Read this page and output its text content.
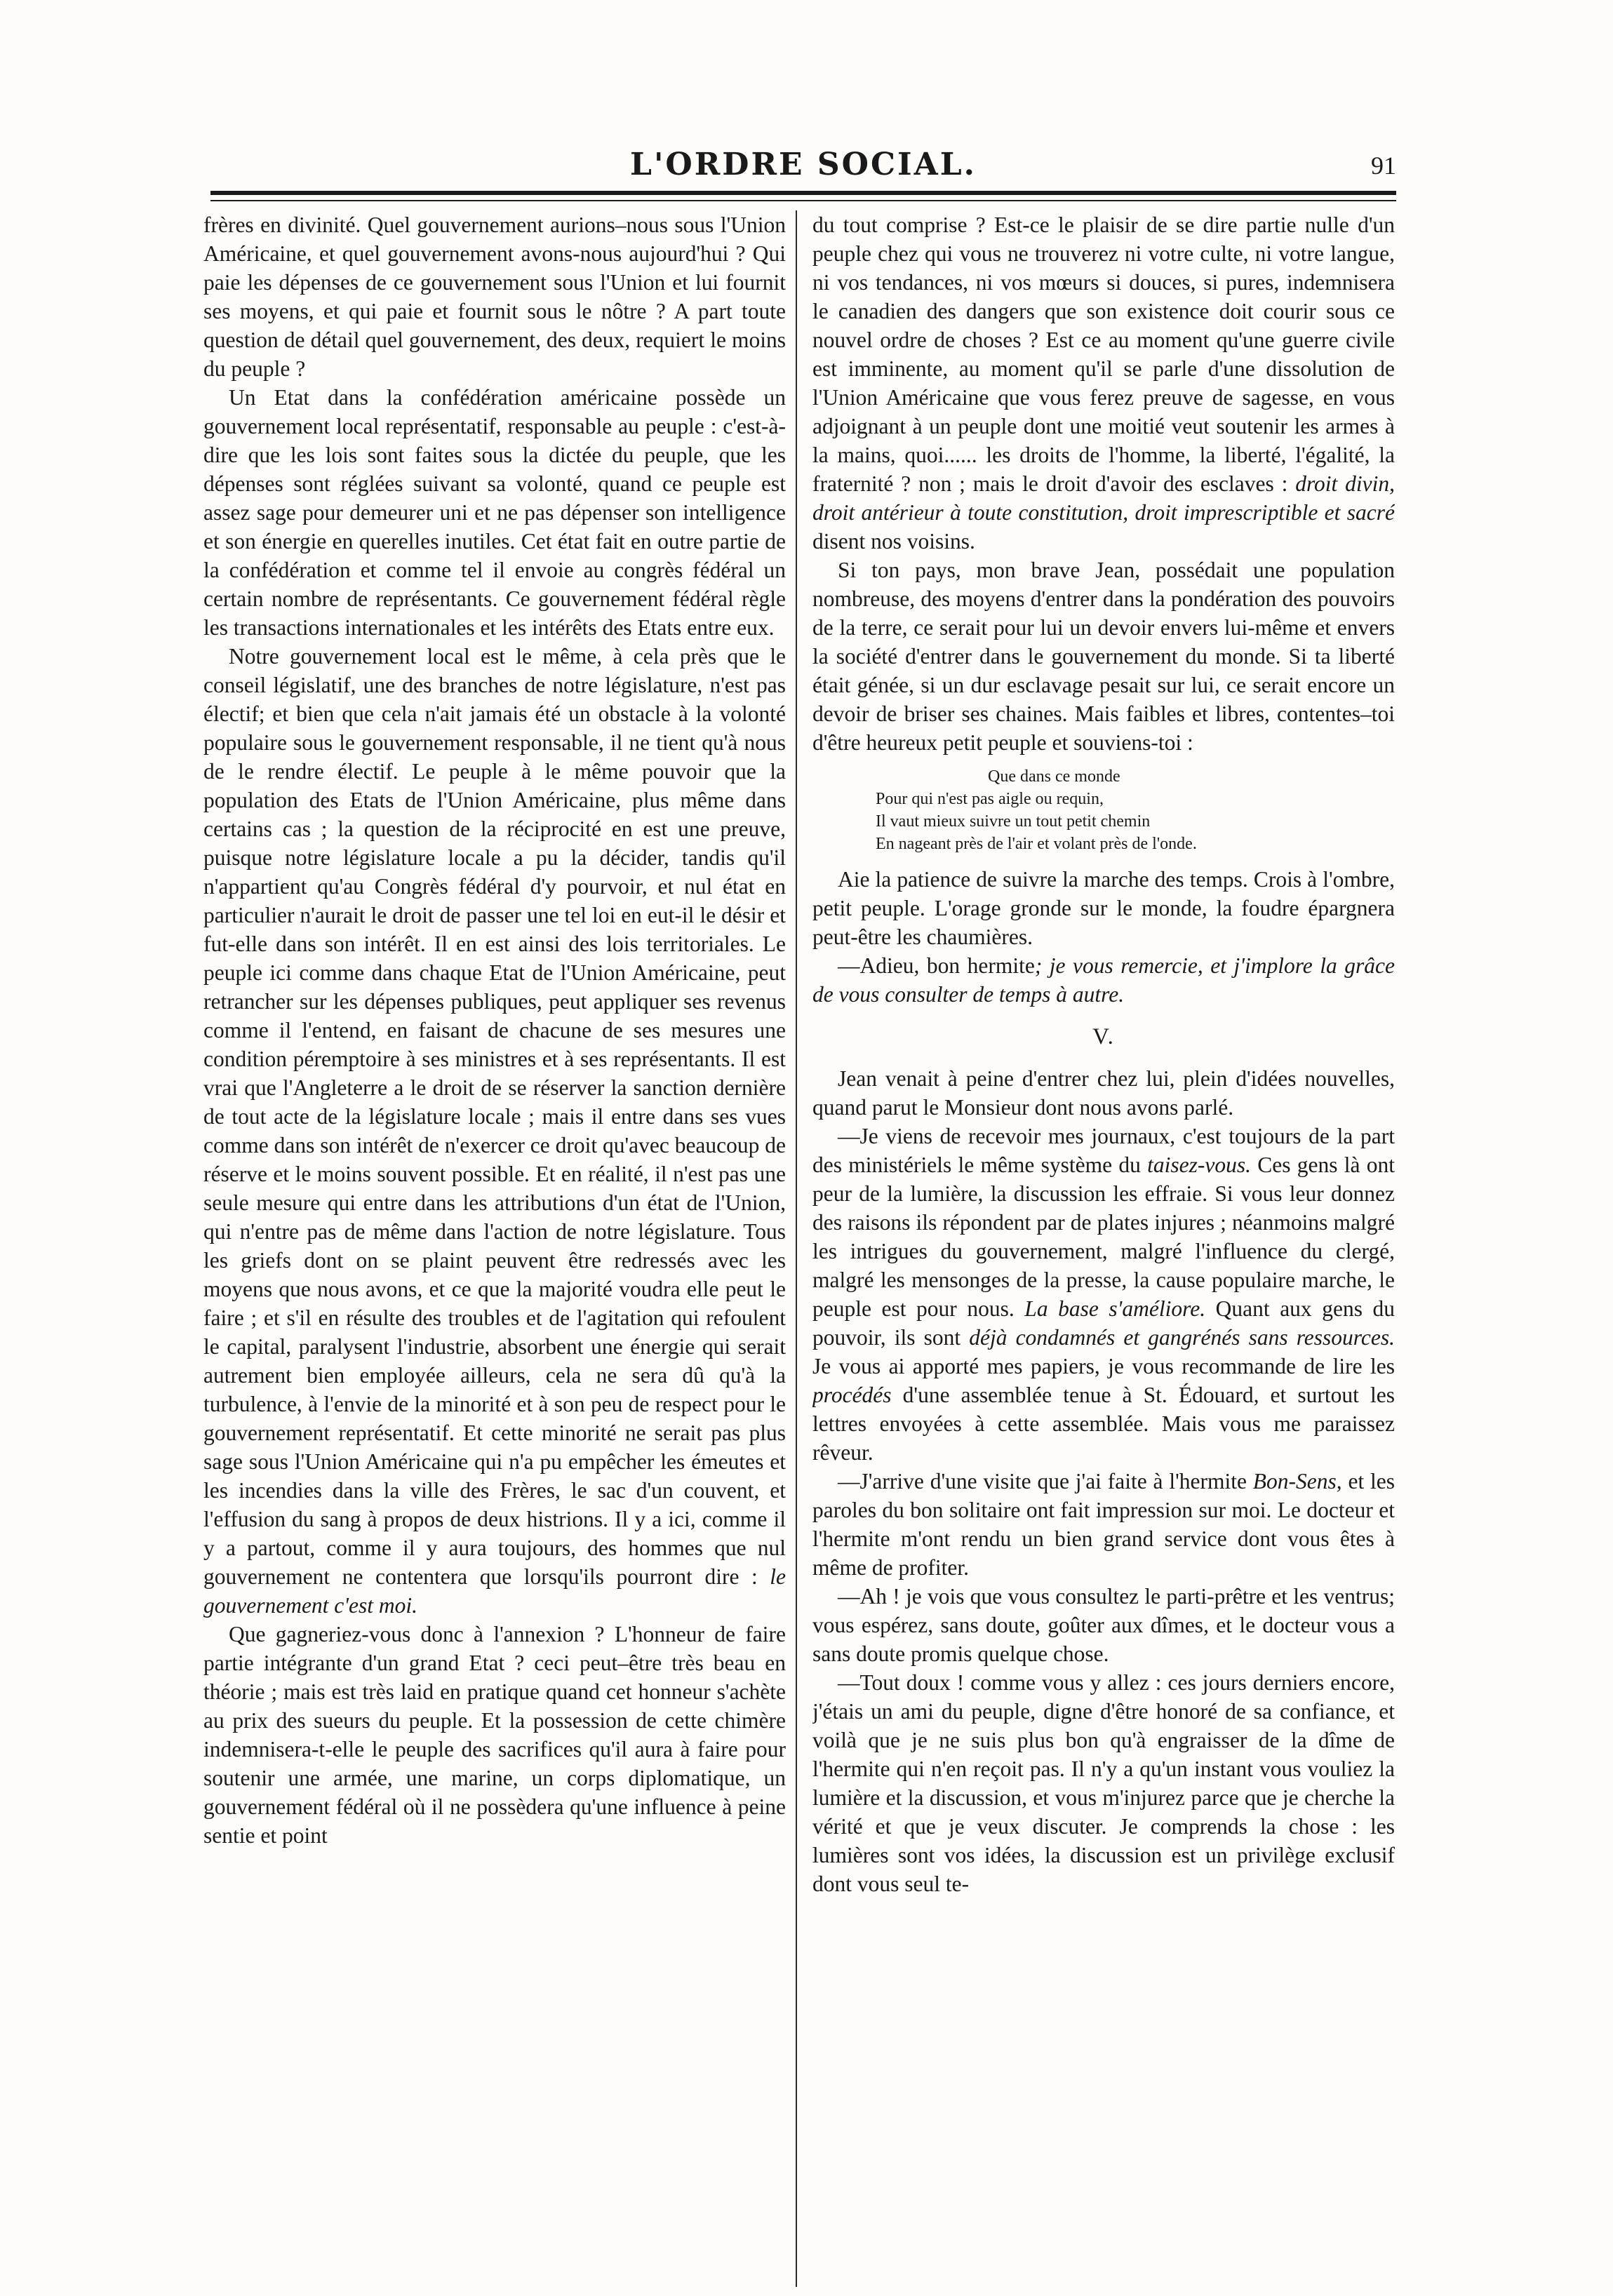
L'ORDRE SOCIAL.	91

frères en divinité. Quel gouvernement aurions–nous sous l'Union Américaine, et quel gouvernement avons-nous aujourd'hui ? Qui paie les dépenses de ce gouvernement sous l'Union et lui fournit ses moyens, et qui paie et fournit sous le nôtre ? A part toute question de détail quel gouvernement, des deux, requiert le moins du peuple ?

Un Etat dans la confédération américaine possède un gouvernement local représentatif, responsable au peuple : c'est-à-dire que les lois sont faites sous la dictée du peuple, que les dépenses sont réglées suivant sa volonté, quand ce peuple est assez sage pour demeurer uni et ne pas dépenser son intelligence et son énergie en querelles inutiles. Cet état fait en outre partie de la confédération et comme tel il envoie au congrès fédéral un certain nombre de représentants. Ce gouvernement fédéral règle les transactions internationales et les intérêts des Etats entre eux.

Notre gouvernement local est le même, à cela près que le conseil législatif, une des branches de notre législature, n'est pas électif; et bien que cela n'ait jamais été un obstacle à la volonté populaire sous le gouvernement responsable, il ne tient qu'à nous de le rendre électif. Le peuple à le même pouvoir que la population des Etats de l'Union Américaine, plus même dans certains cas ; la question de la réciprocité en est une preuve, puisque notre législature locale a pu la décider, tandis qu'il n'appartient qu'au Congrès fédéral d'y pourvoir, et nul état en particulier n'aurait le droit de passer une tel loi en eut-il le désir et fut-elle dans son intérêt. Il en est ainsi des lois territoriales. Le peuple ici comme dans chaque Etat de l'Union Américaine, peut retrancher sur les dépenses publiques, peut appliquer ses revenus comme il l'entend, en faisant de chacune de ses mesures une condition péremptoire à ses ministres et à ses représentants. Il est vrai que l'Angleterre a le droit de se réserver la sanction dernière de tout acte de la législature locale ; mais il entre dans ses vues comme dans son intérêt de n'exercer ce droit qu'avec beaucoup de réserve et le moins souvent possible. Et en réalité, il n'est pas une seule mesure qui entre dans les attributions d'un état de l'Union, qui n'entre pas de même dans l'action de notre législature. Tous les griefs dont on se plaint peuvent être redressés avec les moyens que nous avons, et ce que la majorité voudra elle peut le faire ; et s'il en résulte des troubles et de l'agitation qui refoulent le capital, paralysent l'industrie, absorbent une énergie qui serait autrement bien employée ailleurs, cela ne sera dû qu'à la turbulence, à l'envie de la minorité et à son peu de respect pour le gouvernement représentatif. Et cette minorité ne serait pas plus sage sous l'Union Américaine qui n'a pu empêcher les émeutes et les incendies dans la ville des Frères, le sac d'un couvent, et l'effusion du sang à propos de deux histrions. Il y a ici, comme il y a partout, comme il y aura toujours, des hommes que nul gouvernement ne contentera que lorsqu'ils pourront dire : le gouvernement c'est moi.

Que gagneriez-vous donc à l'annexion ? L'honneur de faire partie intégrante d'un grand Etat ? ceci peut–être très beau en théorie ; mais est très laid en pratique quand cet honneur s'achète au prix des sueurs du peuple. Et la possession de cette chimère indemnisera-t-elle le peuple des sacrifices qu'il aura à faire pour soutenir une armée, une marine, un corps diplomatique, un gouvernement fédéral où il ne possèdera qu'une influence à peine sentie et point

du tout comprise ? Est-ce le plaisir de se dire partie nulle d'un peuple chez qui vous ne trouverez ni votre culte, ni votre langue, ni vos tendances, ni vos mœurs si douces, si pures, indemnisera le canadien des dangers que son existence doit courir sous ce nouvel ordre de choses ? Est ce au moment qu'une guerre civile est imminente, au moment qu'il se parle d'une dissolution de l'Union Américaine que vous ferez preuve de sagesse, en vous adjoignant à un peuple dont une moitié veut soutenir les armes à la mains, quoi...... les droits de l'homme, la liberté, l'égalité, la fraternité ? non ; mais le droit d'avoir des esclaves : droit divin, droit antérieur à toute constitution, droit imprescriptible et sacré disent nos voisins.

Si ton pays, mon brave Jean, possédait une population nombreuse, des moyens d'entrer dans la pondération des pouvoirs de la terre, ce serait pour lui un devoir envers lui-même et envers la société d'entrer dans le gouvernement du monde. Si ta liberté était génée, si un dur esclavage pesait sur lui, ce serait encore un devoir de briser ses chaines. Mais faibles et libres, contentes–toi d'être heureux petit peuple et souviens-toi :

Que dans ce monde
Pour qui n'est pas aigle ou requin,
Il vaut mieux suivre un tout petit chemin
En nageant près de l'air et volant près de l'onde.

Aie la patience de suivre la marche des temps. Crois à l'ombre, petit peuple. L'orage gronde sur le monde, la foudre épargnera peut-être les chaumières.

—Adieu, bon hermite; je vous remercie, et j'implore la grâce de vous consulter de temps à autre.

V.

Jean venait à peine d'entrer chez lui, plein d'idées nouvelles, quand parut le Monsieur dont nous avons parlé.

—Je viens de recevoir mes journaux, c'est toujours de la part des ministériels le même système du taisez-vous. Ces gens là ont peur de la lumière, la discussion les effraie. Si vous leur donnez des raisons ils répondent par de plates injures ; néanmoins malgré les intrigues du gouvernement, malgré l'influence du clergé, malgré les mensonges de la presse, la cause populaire marche, le peuple est pour nous. La base s'améliore. Quant aux gens du pouvoir, ils sont déjà condamnés et gangrénés sans ressources. Je vous ai apporté mes papiers, je vous recommande de lire les procédés d'une assemblée tenue à St. Édouard, et surtout les lettres envoyées à cette assemblée. Mais vous me paraissez rêveur.

—J'arrive d'une visite que j'ai faite à l'hermite Bon-Sens, et les paroles du bon solitaire ont fait impression sur moi. Le docteur et l'hermite m'ont rendu un bien grand service dont vous êtes à même de profiter.

—Ah ! je vois que vous consultez le parti-prêtre et les ventrus; vous espérez, sans doute, goûter aux dîmes, et le docteur vous a sans doute promis quelque chose.

—Tout doux ! comme vous y allez : ces jours derniers encore, j'étais un ami du peuple, digne d'être honoré de sa confiance, et voilà que je ne suis plus bon qu'à engraisser de la dîme de l'hermite qui n'en reçoit pas. Il n'y a qu'un instant vous vouliez la lumière et la discussion, et vous m'injurez parce que je cherche la vérité et que je veux discuter. Je comprends la chose : les lumières sont vos idées, la discussion est un privilège exclusif dont vous seul te-
